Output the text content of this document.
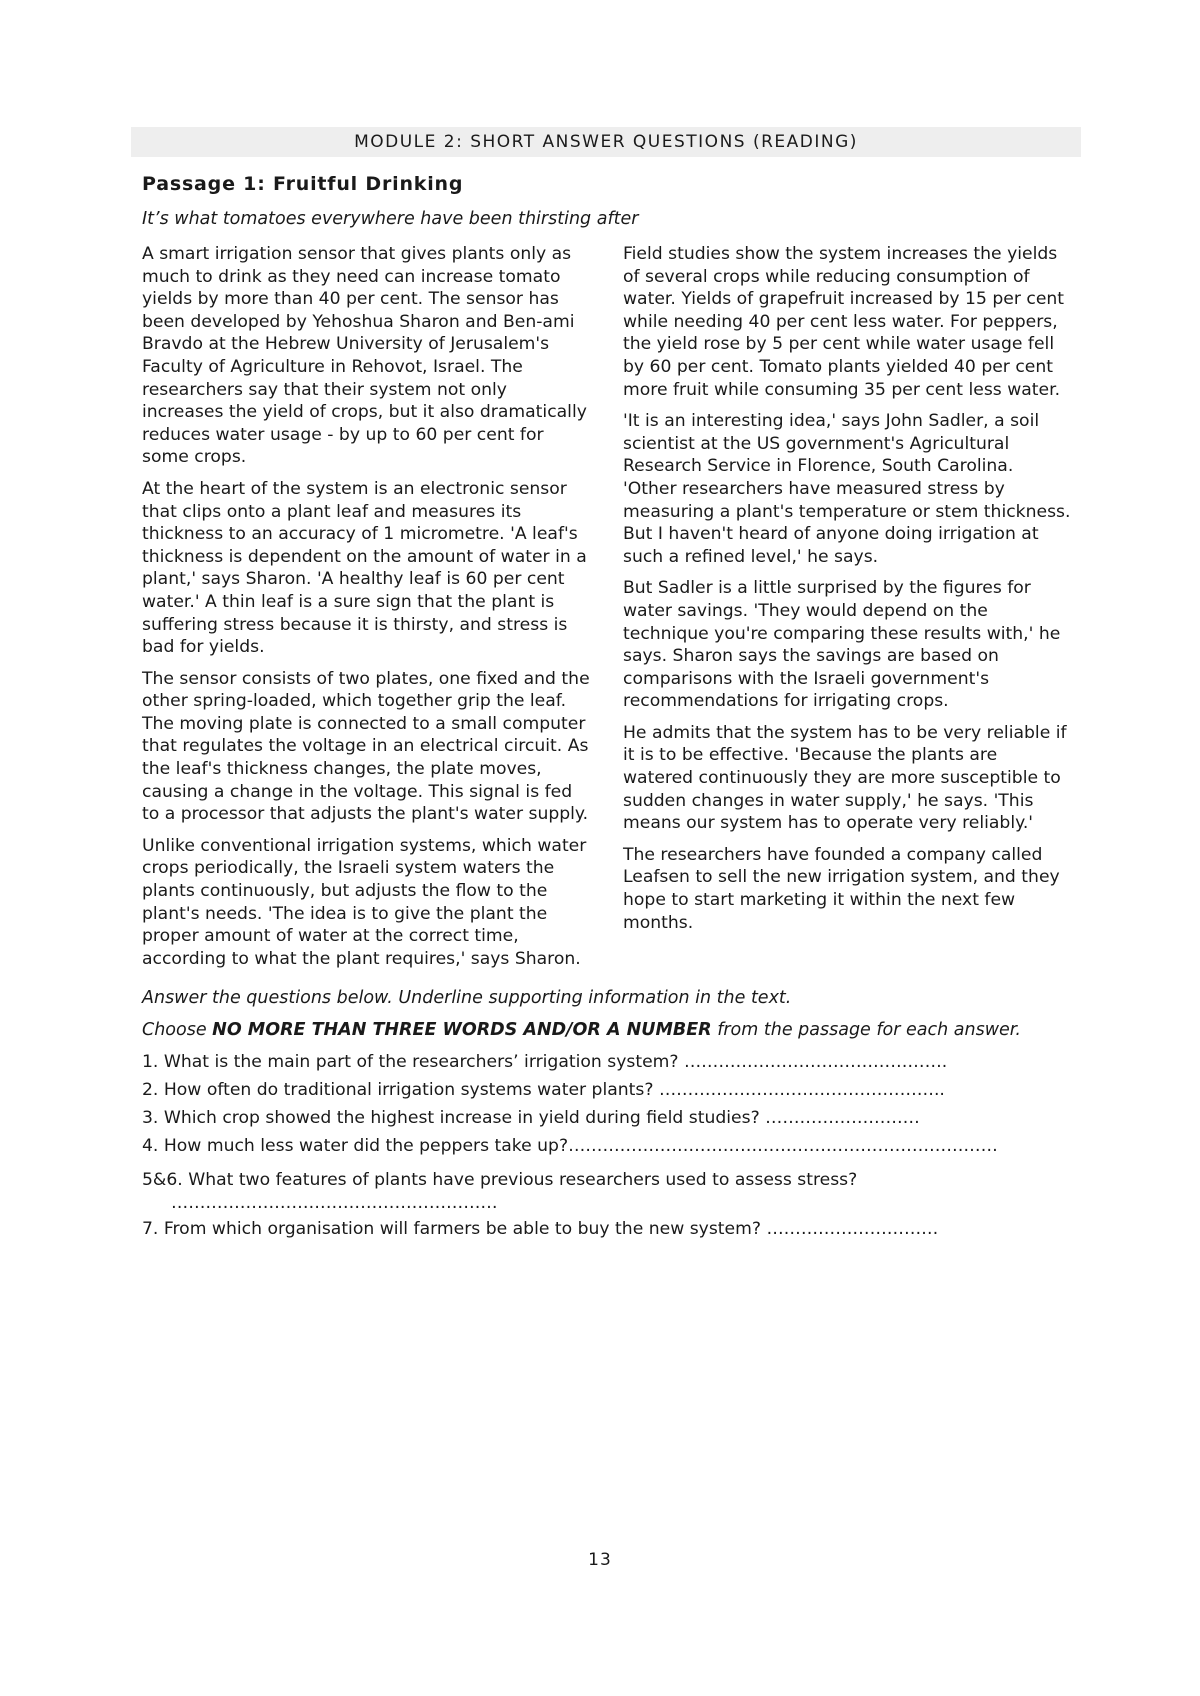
MODULE 2: SHORT ANSWER QUESTIONS (READING)
Passage 1: Fruitful Drinking
It’s what tomatoes everywhere have been thirsting after

A smart irrigation sensor that gives plants only as much to drink as they need can increase tomato yields by more than 40 per cent. The sensor has been developed by Yehoshua Sharon and Ben-ami Bravdo at the Hebrew University of Jerusalem's Faculty of Agriculture in Rehovot, Israel. The researchers say that their system not only increases the yield of crops, but it also dramatically reduces water usage - by up to 60 per cent for some crops.

At the heart of the system is an electronic sensor that clips onto a plant leaf and measures its thickness to an accuracy of 1 micrometre. 'A leaf's thickness is dependent on the amount of water in a plant,' says Sharon. 'A healthy leaf is 60 per cent water.' A thin leaf is a sure sign that the plant is suffering stress because it is thirsty, and stress is bad for yields.

The sensor consists of two plates, one fixed and the other spring-loaded, which together grip the leaf. The moving plate is connected to a small computer that regulates the voltage in an electrical circuit. As the leaf's thickness changes, the plate moves, causing a change in the voltage. This signal is fed to a processor that adjusts the plant's water supply.

Unlike conventional irrigation systems, which water crops periodically, the Israeli system waters the plants continuously, but adjusts the flow to the plant's needs. 'The idea is to give the plant the proper amount of water at the correct time, according to what the plant requires,' says Sharon.

Field studies show the system increases the yields of several crops while reducing consumption of water. Yields of grapefruit increased by 15 per cent while needing 40 per cent less water. For peppers, the yield rose by 5 per cent while water usage fell by 60 per cent. Tomato plants yielded 40 per cent more fruit while consuming 35 per cent less water.

'It is an interesting idea,' says John Sadler, a soil scientist at the US government's Agricultural Research Service in Florence, South Carolina. 'Other researchers have measured stress by measuring a plant's temperature or stem thickness. But I haven't heard of anyone doing irrigation at such a refined level,' he says.

But Sadler is a little surprised by the figures for water savings. 'They would depend on the technique you're comparing these results with,' he says. Sharon says the savings are based on comparisons with the Israeli government's recommendations for irrigating crops.

He admits that the system has to be very reliable if it is to be effective. 'Because the plants are watered continuously they are more susceptible to sudden changes in water supply,' he says. 'This means our system has to operate very reliably.'

The researchers have founded a company called Leafsen to sell the new irrigation system, and they hope to start marketing it within the next few months.

Answer the questions below. Underline supporting information in the text.

Choose NO MORE THAN THREE WORDS AND/OR A NUMBER from the passage for each answer.

1. What is the main part of the researchers’ irrigation system? ……………………………………….
2. How often do traditional irrigation systems water plants? …………………………………………..
3. Which crop showed the highest increase in yield during field studies? ………………………
4. How much less water did the peppers take up?…………………………………………………………………
5&6. What two features of plants have previous researchers used to assess stress?
…………………………………………………
7. From which organisation will farmers be able to buy the new system? …………………………
13
